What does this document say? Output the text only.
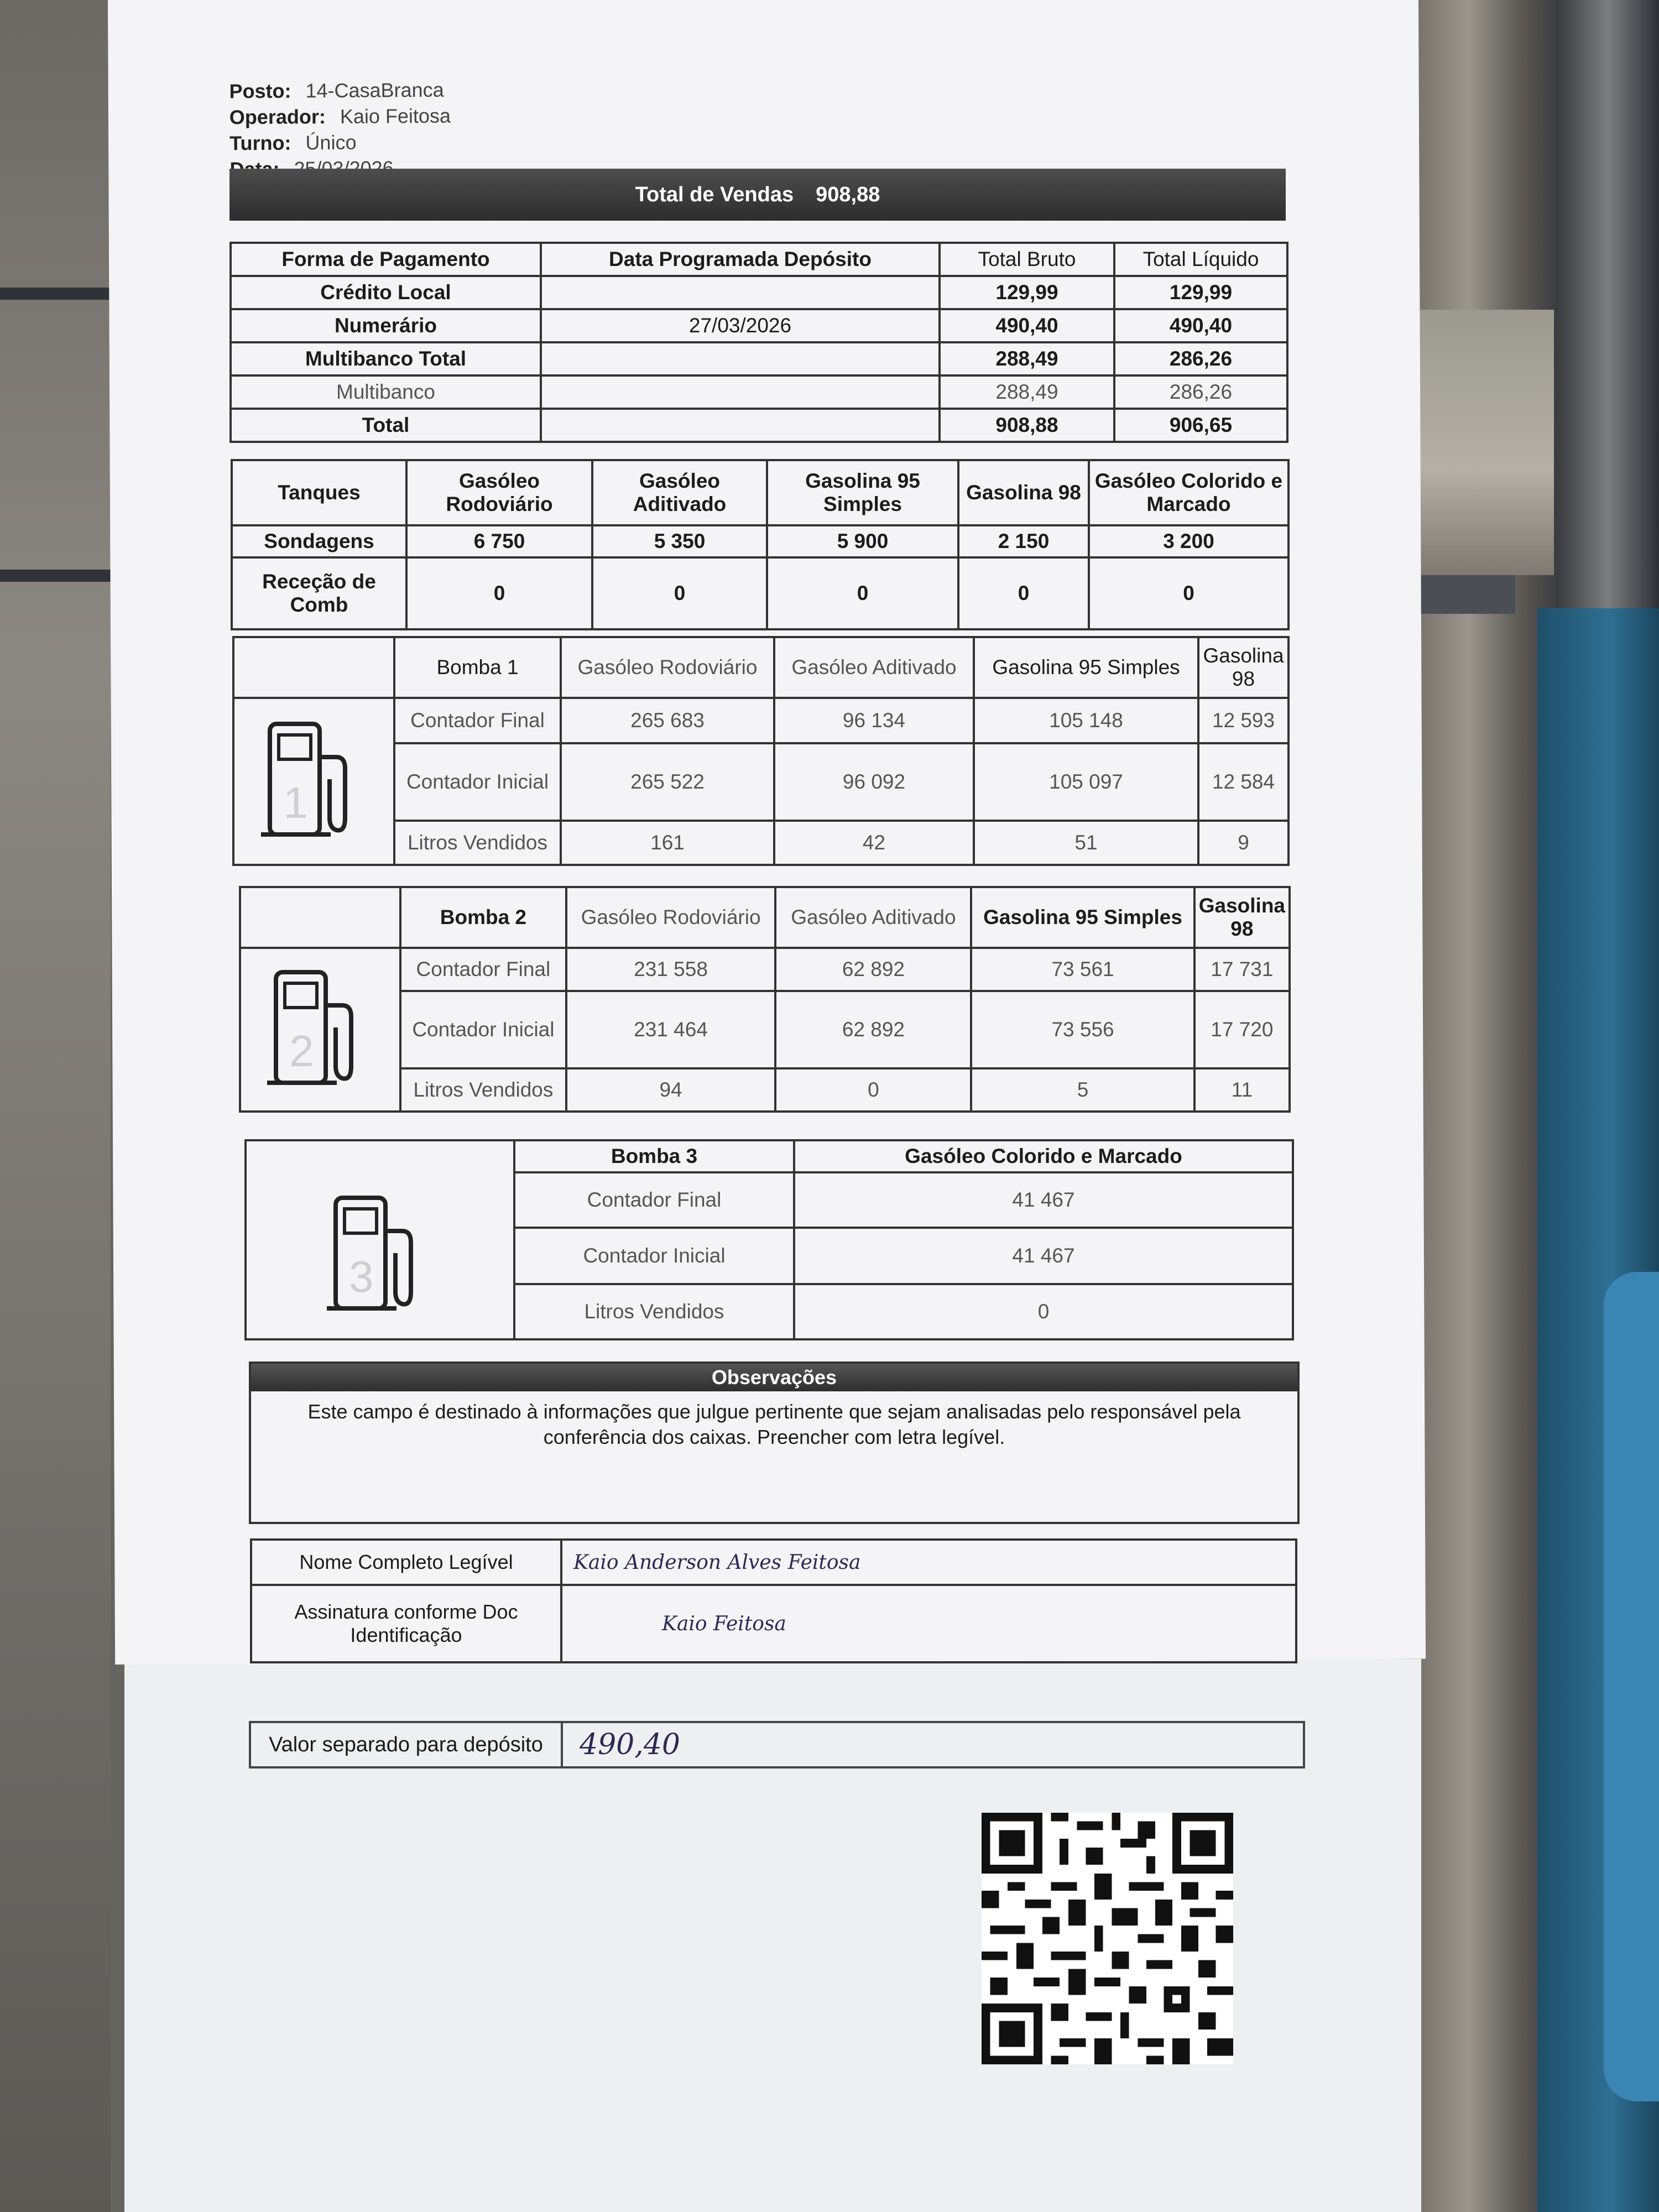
Posto: 14-CasaBranca
Operador: Kaio Feitosa
Turno: Único
Total de Vendas 908,88
Forma de Pagamento	Data Programada Depósito	Total Bruto	Total Líquido
Crédito Local		129,99	129,99
Numerário	27/03/2026	490,40	490,40
Multibanco Total		288,49	286,26
Multibanco		288,49	286,26
Total		908,88	906,65
Tanques	Gasóleo Rodoviário	Gasóleo Aditivado	Gasolina 95 Simples	Gasolina 98	Gasóleo Colorido e Marcado
Sondagens	6 750	5 350	5 900	2 150	3 200
Receção de Comb	0	0	0	0	0
	Bomba 1	Gasóleo Rodoviário	Gasóleo Aditivado	Gasolina 95 Simples	Gasolina 98

1	Contador Final	265 683	96 134	105 148	12 593
	Contador Inicial	265 522	96 092	105 097	12 584
	Litros Vendidos	161	42	51	9
	Bomba 2	Gasóleo Rodoviário	Gasóleo Aditivado	Gasolina 95 Simples	Gasolina 98

2	Contador Final	231 558	62 892	73 561	17 731
	Contador Inicial	231 464	62 892	73 556	17 720
	Litros Vendidos	94	0	5	11
	Bomba 3	Gasóleo Colorido e Marcado

3	Contador Final	41 467
	Contador Inicial	41 467
	Litros Vendidos	0
Observações
Este campo é destinado à informações que julgue pertinente que sejam analisadas pelo responsável pela conferência dos caixas. Preencher com letra legível.
Nome Completo Legível	Kaio Anderson Alves Feitosa
Assinatura conforme Doc Identificação	Kaio Feitosa
Valor separado para depósito	490,40
